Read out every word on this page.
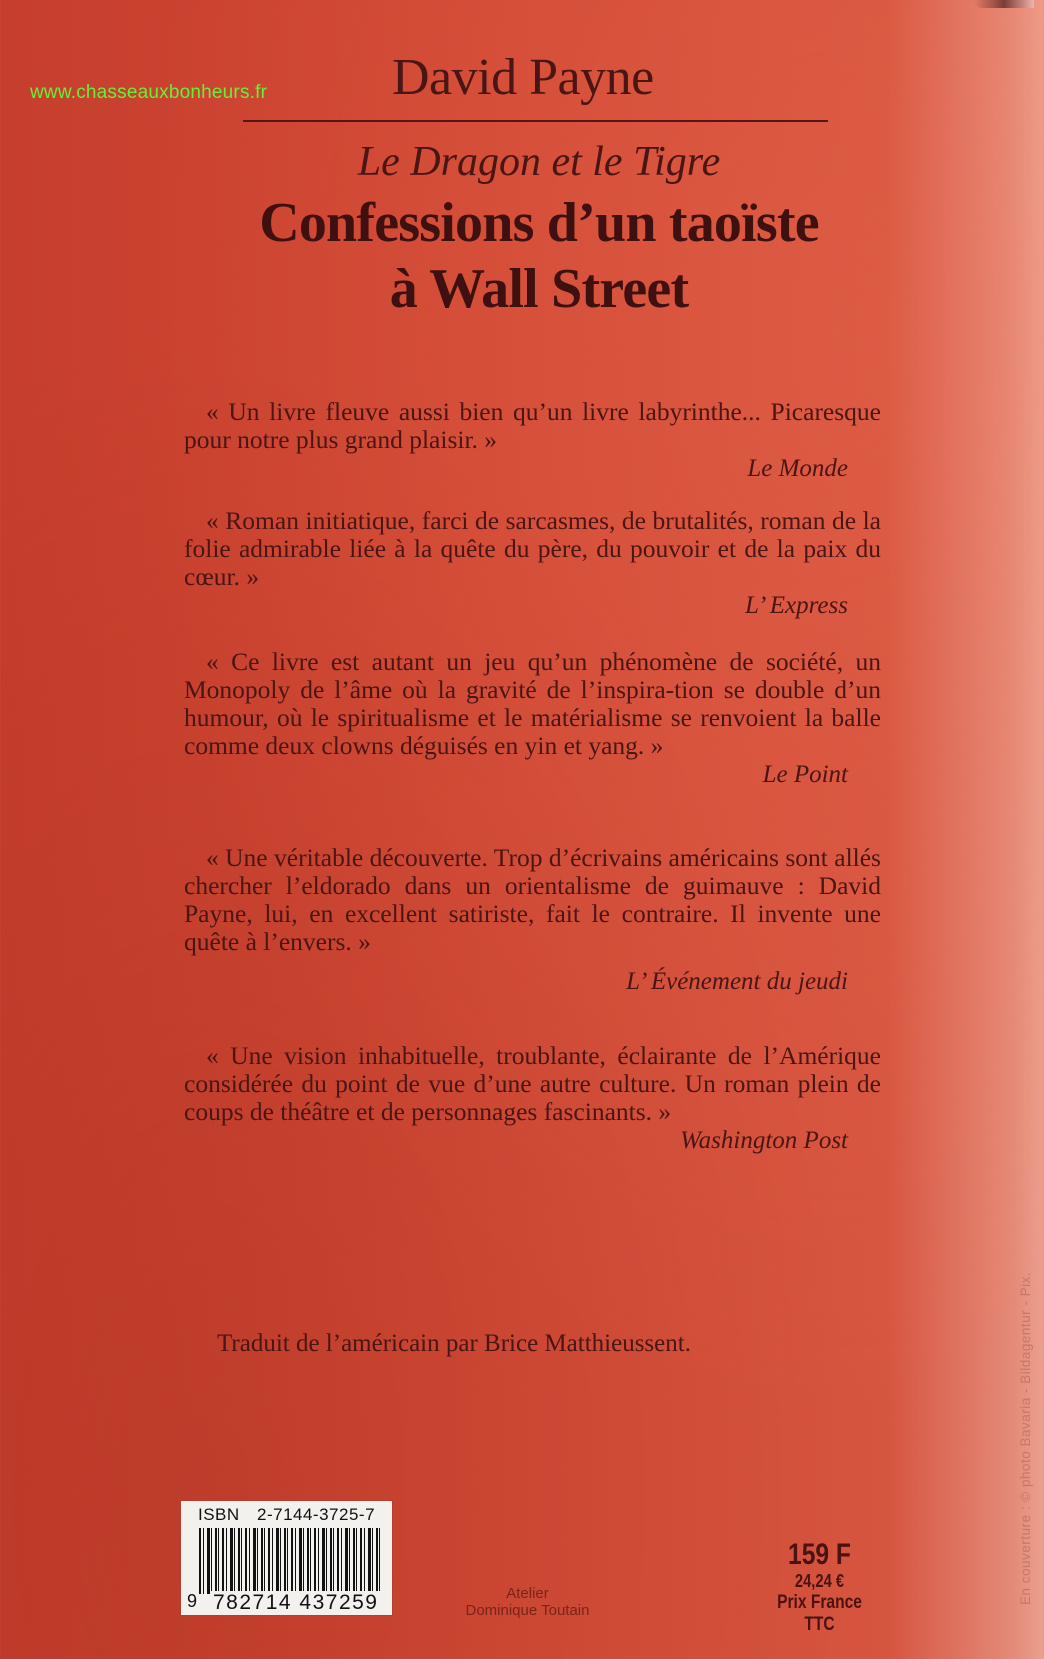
www.chasseauxbonheurs.fr David Payne
Le Dragon et le Tigre
Confessions d’un taoïste
à Wall Street

« Un livre fleuve aussi bien qu’un livre labyrinthe... Picaresque pour notre plus grand plaisir. »

Le Monde

« Roman initiatique, farci de sarcasmes, de brutalités, roman de la folie admirable liée à la quête du père, du pouvoir et de la paix du cœur. »

L’ Express

« Ce livre est autant un jeu qu’un phénomène de société, un Monopoly de l’âme où la gravité de l’inspira-tion se double d’un humour, où le spiritualisme et le matérialisme se renvoient la balle comme deux clowns déguisés en yin et yang. »

Le Point

« Une véritable découverte. Trop d’écrivains américains sont allés chercher l’eldorado dans un orientalisme de guimauve : David Payne, lui, en excellent satiriste, fait le contraire. Il invente une quête à l’envers. »

L’ Événement du jeudi

« Une vision inhabituelle, troublante, éclairante de l’Amérique considérée du point de vue d’une autre culture. Un roman plein de coups de théâtre et de personnages fascinants. »

Washington Post

Traduit de l’américain par Brice Matthieussent.
ISBN 2-7144-3725-7
9 782714 437259	Atelier
Dominique Toutain
159 F
24,24 €
Prix France TTC
En couverture : © photo Bavaria - Bildagentur - Pix.
